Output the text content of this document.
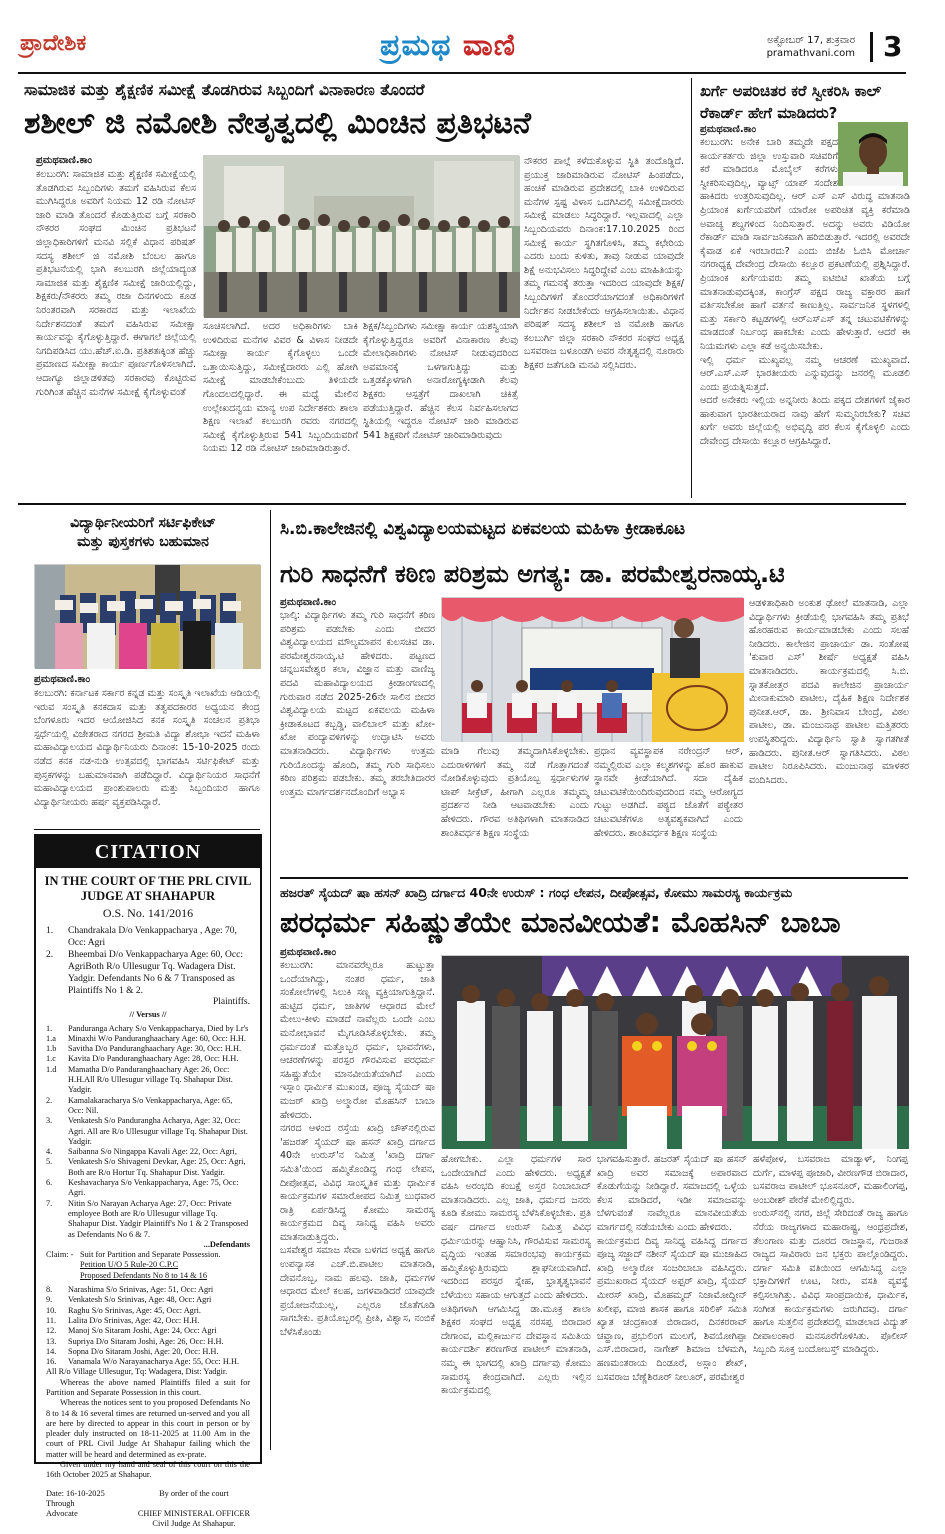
ಪ್ರಾದೇಶಿಕ	ಪ್ರಮಥ ವಾಣಿ	ಅಕ್ಟೋಬರ್ 17, ಶುಕ್ರವಾರ
pramathvani.com	3
ಸಾಮಾಜಿಕ ಮತ್ತು ಶೈಕ್ಷಣಿಕ ಸಮೀಕ್ಷೆ ತೊಡಗಿರುವ ಸಿಬ್ಬಂದಿಗೆ ವಿನಾಕಾರಣ ತೊಂದರೆ
ಶಶೀಲ್ ಜಿ ನಮೋಶಿ ನೇತೃತ್ವದಲ್ಲಿ ಮಿಂಚಿನ ಪ್ರತಿಭಟನೆ
ಪ್ರಮಥವಾಣಿ.ಕಾಂ
ಕಲಬುರಗಿ: ಸಾಮಾಜಿಕ ಮತ್ತು ಶೈಕ್ಷಣಿಕ ಸಮೀಕ್ಷೆಯಲ್ಲಿ ತೊಡಗಿರುವ ಸಿಬ್ಬಂದಿಗಳು ತಮಗೆ ವಹಿಸಿರುವ ಕೆಲಸ ಮುಗಿಸಿದ್ದರೂ ಅವರಿಗೆ ನಿಯಮ 12 ರಡಿ ನೋಟಿಸ್ ಜಾರಿ ಮಾಡಿ ತೊಂದರೆ ಕೊಡುತ್ತಿರುವ ಬಗ್ಗೆ ಸರಕಾರಿ ನೌಕರರ ಸಂಘದ ಮಿಂಚಿನ ಪ್ರತಿಭಟನೆ ಜಿಲ್ಲಾಧಿಕಾರಿಗಳಿಗೆ ಮನವಿ ಸಲ್ಲಿಕೆ ವಿಧಾನ ಪರಿಷತ್ ಸದಸ್ಯ ಶಶೀಲ್ ಜಿ ನಮೋಶಿ ಬೆಂಬಲ ಹಾಗೂ ಪ್ರತಿಭಟನೆಯಲ್ಲಿ ಭಾಗಿ ಕಲಬುರಗಿ ಜಿಲ್ಲೆಯಾದ್ಯಂತ ಸಾಮಾಜಿಕ ಮತ್ತು ಶೈಕ್ಷಣಿಕ ಸಮೀಕ್ಷೆ ಜಾರಿಯಲ್ಲಿದ್ದು, ಶಿಕ್ಷಕರು/ನೌಕರರು ತಮ್ಮ ರಜಾ ದಿನಗಳಂದು ಕೂಡ ನಿರಂತರವಾಗಿ ಸರಕಾರದ ಮತ್ತು ಇಲಾಖೆಯ ನಿರ್ದೇಶನದಂತೆ ತಮಗೆ ವಹಿಸಿರುವ ಸಮೀಕ್ಷಾ ಕಾರ್ಯವನ್ನು ಕೈಗೊಳ್ಳುತ್ತಿದ್ದಾರೆ. ಈಗಾಗಲೆ ಜಿಲ್ಲೆಯಲ್ಲಿ ನಿಗದಿಪಡಿಸಿದ ಯು.ಹೆಚ್.ಐ.ಡಿ. ಪ್ರತಿಶತಃಕ್ಕಿಂತ ಹೆಚ್ಚು ಪ್ರಮಾಣದ ಸಮೀಕ್ಷಾ ಕಾರ್ಯ ಪೂರ್ಣಗೊಳಿಸಲಾಗಿದೆ. ಆದಾಗ್ಯೂ ಜಿಲ್ಲಾಡಳಿತವು ಸರಕಾರವು ಕೊಟ್ಟಿರುವ ಗುರಿಗಿಂತ ಹೆಚ್ಚಿನ ಮನೆಗಳ ಸಮೀಕ್ಷೆ ಕೈಗೊಳ್ಳುವಂತೆ
ಸೂಚಿಸಲಾಗಿದೆ. ಅದರ ಅಧಿಕಾರಿಗಳು ಬಾಕಿ ಉಳಿದಿರುವ ಮನೆಗಳ ವಿವರ & ವಿಳಾಸ ನೀಡದೇ ಸಮೀಕ್ಷಾ ಕಾರ್ಯ ಕೈಗೊಳ್ಳಲು ಒಂದೇ ಒತ್ತಾಯಿಸುತ್ತಿದ್ದು, ಸಮೀಕ್ಷೆದಾರರು ಎಲ್ಲಿ ಹೋಗಿ ಸಮೀಕ್ಷೆ ಮಾಡಬೇಕೆಂಬುದು ತಿಳಿಯದೇ ಗೊಂದಲದಲ್ಲಿದ್ದಾರೆ. ಈ ಮಧ್ಯೆ ಮೇಲಿನ ಉಲ್ಲೇಖದನ್ವಯ ಮಾನ್ಯ ಉಪ ನಿರ್ದೇಶಕರು ಶಾಲಾ ಶಿಕ್ಷಣ ಇಲಾಖೆ ಕಲಬುರಗಿ ರವರು ನಗರದಲ್ಲಿ ಸಮೀಕ್ಷೆ ಕೈಗೊಳ್ಳುತ್ತಿರುವ 541 ಸಿಬ್ಬಂದಿಯವರಿಗೆ ನಿಯಮ 12 ರಡಿ ನೋಟಿಸ್ ಜಾರಿಮಾಡಿರುತ್ತಾರೆ.
ಶಿಕ್ಷಕ/ಸಿಬ್ಬಂದಿಗಳು ಸಮೀಕ್ಷಾ ಕಾರ್ಯ ಯಶಸ್ವಿಯಾಗಿ ಕೈಗೊಳ್ಳುತ್ತಿದ್ದರೂ ಅವರಿಗೆ ವಿನಾಕಾರಣ ಕೆಲವು ಮೇಲಾಧಿಕಾರಿಗಳು ನೋಟಿಸ್ ನೀಡುವುದರಿಂದ ಅವಮಾನಕ್ಕೆ ಒಳಗಾಗುತ್ತಿದ್ದು ಮತ್ತು ಒತ್ತಡಕ್ಕೊಳಗಾಗಿ ಅನಾರೋಗ್ಯಕ್ಕೀಡಾಗಿ ಕೆಲವು ಶಿಕ್ಷಕರು ಆಸ್ಪತ್ರೆಗೆ ದಾಖಲಾಗಿ ಚಿಕಿತ್ಸೆ ಪಡೆಯುತ್ತಿದ್ದಾರೆ. ಹೆಚ್ಚಿನ ಕೆಲಸ ನಿರ್ವಹಿಸಲಾಗದ ಸ್ಥಿತಿಯಲ್ಲಿ ಇದ್ದರೂ ನೋಟಿಸ್ ಜಾರಿ ಮಾಡಿರುವ 541 ಶಿಕ್ಷಕರಿಗೆ ನೋಟಿಸ್ ಜಾರಿಮಾಡಿರುವುದು
ನೌಕರರ ಪಾಲ್ಗೆ ಕಳೆದುಕೊಳ್ಳುವ ಸ್ಥಿತಿ ತಂದೊಡ್ಡಿದೆ. ಪ್ರಯುಕ್ತ ಜಾರಿಮಾಡಿರುವ ನೋಟಿಸ್ ಹಿಂಪಡೆದು, ಹಂಚಿಕೆ ಮಾಡಿರುವ ಪ್ರದೇಶದಲ್ಲಿ ಬಾಕಿ ಉಳಿದಿರುವ ಮನೆಗಳ ಸ್ಪಷ್ಟ ವಿಳಾಸ ಒದಗಿಸಿದಲ್ಲಿ ಸಮೀಕ್ಷೆದಾರರು ಸಮೀಕ್ಷೆ ಮಾಡಲು ಸಿದ್ಧರಿದ್ದಾರೆ. ಇಲ್ಲವಾದಲ್ಲಿ ಎಲ್ಲಾ ಸಿಬ್ಬಂದಿಯವರು ದಿನಾಂಕ:17.10.2025 ರಿಂದ ಸಮೀಕ್ಷೆ ಕಾರ್ಯ ಸ್ಥಗಿತಗೊಳಿಸಿ, ತಮ್ಮ ಕಛೇರಿಯ ಎದರು ಬಂದು ಕುಳಿತು, ತಾವು ನೀಡುವ ಯಾವುದೇ ಶಿಕ್ಷೆ ಅನುಭವಿಸಲು ಸಿದ್ಧರಿದ್ದೇವೆ ಎಂಬ ಮಾಹಿತಿಯನ್ನು ತಮ್ಮ ಗಮನಕ್ಕೆ ತರುತ್ತಾ ಇದರಿಂದ ಯಾವುದೇ ಶಿಕ್ಷಕ/ಸಿಬ್ಬಂದಿಗಳಿಗೆ ತೊಂದರೆಯಾಗದಂತೆ ಅಧಿಕಾರಿಗಳಿಗೆ ನಿರ್ದೇಶನ ನೀಡಬೇಕೆಂದು ಆಗ್ರಹಿಸಲಾಯಿತು. ವಿಧಾನ ಪರಿಷತ್ ಸದಸ್ಯ ಶಶೀಲ್ ಜಿ ನಮೋಶಿ ಹಾಗೂ ಕಲಬುರ್ಗಿ ಜಿಲ್ಲಾ ಸರಕಾರಿ ನೌಕರರ ಸಂಘದ ಅಧ್ಯಕ್ಷ ಬಸವರಾಜ ಬಳೂಂಡಗಿ ಅವರ ನೇತೃತ್ವದಲ್ಲಿ ನೂರಾರು ಶಿಕ್ಷಕರ ಜತೆಗೂಡಿ ಮನವಿ ಸಲ್ಲಿಸಿದರು.
ಖರ್ಗೆ ಅಪರಿಚಿತರ ಕರೆ ಸ್ವೀಕರಿಸಿ ಕಾಲ್ ರೆಕಾರ್ಡ್ ಹೇಗೆ ಮಾಡಿದರು?
ಪ್ರಮಥವಾಣಿ.ಕಾಂ
ಕಲಬುರಗಿ: ಅನೇಕ ಬಾರಿ ತಮ್ಮದೇ ಪಕ್ಷದ ಕಾರ್ಯಕರ್ತರು ಜಿಲ್ಲಾ ಉಸ್ತುವಾರಿ ಸಚಿವರಿಗೆ ಕರೆ ಮಾಡಿದರೂ ಮೊಬೈಲ್ ಕರೆಗಳು ಸ್ವೀಕರಿಸುವುದಿಲ್ಲ, ವ್ಯಾಟ್ಸ್ ಯಾಪ್ ಸಂದೇಶ ಹಾಕಿದರು ಉತ್ತರಿಸುವುದಿಲ್ಲ. ಆರ್ ಎಸ್ ಎಸ್ ವಿರುದ್ಧ ಮಾತನಾಡಿ ಪ್ರಿಯಾಂಕ ಖರ್ಗೆಯವರಿಗೆ ಯಾರೋ ಅಪರಿಚಿತ ವ್ಯಕ್ತಿ ಕರೆಮಾಡಿ ಅವಾಚ್ಯ ಶಬ್ದಗಳಿಂದ ನಿಂದಿಸುತ್ತಾರೆ. ಅದನ್ನು ಅವರು ವಿಡಿಯೋ ರೆಕಾರ್ಡ್ ಮಾಡಿ ಸಾರ್ವಜನಿಕವಾಗಿ ಹರಿಬಿಡುತ್ತಾರೆ. ಇದರಲ್ಲಿ ಅವರದೇ ಕೈವಾಡ ಏಕೆ ಇರಬಾರದು? ಎಂದು ಬಿಜೆಪಿ ಓಬಿಸಿ ಮೋರ್ಚಾ ನಗರಾಧ್ಯಕ್ಷ ದೇವೇಂದ್ರ ದೇಸಾಯಿ ಕಲ್ಲೂರ ಪ್ರಕಟಣೆಯಲ್ಲಿ ಪ್ರಶ್ನಿಸಿದ್ದಾರೆ. ಪ್ರಿಯಾಂಕ ಖರ್ಗೆಯವರು ತಮ್ಮ ಐಟಿಬಿಟಿ ಖಾತೆಯ ಬಗ್ಗೆ ಮಾತನಾಡುವುದಕ್ಕಿಂತ, ಕಾಂಗ್ರೆಸ್ ಪಕ್ಷದ ರಾಜ್ಯ ವಕ್ತಾರರ ಹಾಗೆ ವರ್ತಿಸಬೇಕೋ ಹಾಗೆ ವರ್ತನೆ ಕಾಣುತ್ತಿಲ್ಲ. ಸಾರ್ವಜನಿಕ ಸ್ಥಳಗಳಲ್ಲಿ ಮತ್ತು ಸರ್ಕಾರಿ ಕಟ್ಟಡಗಳಲ್ಲಿ ಆರ್‌ಎಸ್‌ಎಸ್ ತನ್ನ ಚಟುವಟಿಕೆಗಳನ್ನು ಮಾಡದಂತೆ ನಿರ್ಬಂಧ ಹಾಕಬೇಕು ಎಂದು ಹೇಳುತ್ತಾರೆ. ಆದರೆ ಈ ನಿಯಮಗಳು ಎಲ್ಲಾ ಕಡೆ ಅನ್ವಯಿಸಬೇಕು.
ಇಲ್ಲಿ ಧರ್ಮ ಮುಖ್ಯವಲ್ಲ ನಮ್ಮ ಆಚರಣೆ ಮುಖ್ಯವಾದೆ. ಆರ್.ಎಸ್.ಎಸ್ ಭಾರತೀಯರು ಎನ್ನುವುದನ್ನು ಜನರಲ್ಲಿ ಮೂಡಲಿ ಎಂದು ಪ್ರಯತ್ನಿಸುತ್ತದೆ.
ಆದರೆ ಅನೇಕರು ಇಲ್ಲಿಯ ಅನ್ನನೀರು ತಿಂದು ಪಕ್ಕದ ದೇಶಗಳಿಗೆ ಜೈಕಾರ ಹಾಕುವಾಗ ಭಾರತೀಯರಾದ ನಾವು ಹೇಗೆ ಸುಮ್ಮನಿರಬೇಕು? ಸಚಿವ ಖರ್ಗೆ ಅವರು ಜಿಲ್ಲೆಯಲ್ಲಿ ಅಭಿವೃದ್ಧಿ ಪರ ಕೆಲಸ ಕೈಗೊಳ್ಳಲಿ ಎಂದು ದೇವೇಂದ್ರ ದೇಸಾಯಿ ಕಲ್ಲೂರ ಆಗ್ರಹಿಸಿದ್ದಾರೆ.
ವಿದ್ಯಾರ್ಥಿನೀಯರಿಗೆ ಸರ್ಟಿಫಿಕೇಟ್
ಮತ್ತು ಪುಸ್ತಕಗಳು ಬಹುಮಾನ
ಪ್ರಮಥವಾಣಿ.ಕಾಂ
ಕಲಬುರಗಿ: ಕರ್ನಾಟಕ ಸರ್ಕಾರ ಕನ್ನಡ ಮತ್ತು ಸಂಸ್ಕೃತಿ ಇಲಾಖೆಯ ಆಡಿಯಲ್ಲಿ ಇರುವ ಸಂಸ್ಕೃತಿ ಕನಕದಾಸ ಮತ್ತು ತತ್ವಪದಕಾರರ ಅಧ್ಯಯನ ಕೇಂದ್ರ ಬೆಂಗಳೂರು ಇದರ ಆಯೋಜಿಸಿದ ಕನಕ ಸಂಸ್ಕೃತಿ ಸಂಚಲನ ಪ್ರತಿಭಾ ಸ್ಪರ್ಧೆಯಲ್ಲಿ ವಿಜೇತರಾದ ನಗರದ ಶ್ರೀಮತಿ ವಿದ್ಯಾ ಶೋಭಾ ಇದನೆ ಮಹಿಳಾ ಮಹಾವಿದ್ಯಾಲಯದ ವಿದ್ಯಾರ್ಥಿನಿಯರು ದಿನಾಂಕ: 15-10-2025 ರಂದು ನಡೆದ ಕನಕ ನಡ-ನುಡಿ ಉತ್ಸವದಲ್ಲಿ ಭಾಗವಹಿಸಿ ಸರ್ಟಿಫಿಕೇಟ್ ಮತ್ತು ಪುಸ್ತಕಗಳನ್ನು ಬಹುಮಾನವಾಗಿ ಪಡೆದಿದ್ದಾರೆ. ವಿದ್ಯಾರ್ಥಿನಿಯರ ಸಾಧನೆಗೆ ಮಹಾವಿದ್ಯಾಲಯದ ಪ್ರಾಂಶುಪಾಲರು ಮತ್ತು ಸಿಬ್ಬಂದಿಯರ ಹಾಗೂ ವಿದ್ಯಾರ್ಥಿನೀಯರು ಹರ್ಷ ವ್ಯಕ್ತಪಡಿಸಿದ್ದಾರೆ.
CITATION
IN THE COURT OF THE PRL CIVIL JUDGE AT SHAHAPUR
O.S. No. 141/2016
1.	Chandrakala D/o Venkappacharya , Age: 70, Occ: Agri
2.	Bheembai D/o Venkappacharya Age: 60, Occ: AgriBoth R/o Ullesugur Tq. Wadagera Dist. Yadgir. Defendants No 6 & 7 Transposed as Plaintiffs No 1 & 2.
Plaintiffs.
// Versus //
1.	Panduranga Achary S/o Venkappacharya, Died by Lr's
1.a	Minaxhi W/o Panduranghaachary Age: 60, Occ: H.H.
1.b	Savitha D/o Panduranghaachary Age: 30, Occ: H.H.
1.c	Kavita D/o Panduranghaachary Age: 28, Occ: H.H.
1.d	Mamatha D/o Panduranghaachary Age: 26, Occ: H.H.All R/o Ullesugur village Tq. Shahapur Dist. Yadgir.
2.	Kamalakaracharya S/o Venkappacharya, Age: 65, Occ: Nil.
3.	Venkatesh S/o Pandurangha Acharya, Age: 32, Occ: Agri. All are R/o Ullesugur village Tq. Shahapur Dist. Yadgir.
4.	Saibanna S/o Ningappa Kavali Age: 22, Occ: Agri,
5.	Venkatesh S/o Shivageni Devkar, Age: 25, Occ: Agri, Both are R/o Hortur Tq. Shahapur Dist. Yadgir.
6.	Keshavacharya S/o Venkappacharya, Age: 75, Occ: Agri.
7.	Nitin S/o Narayan Acharya Age: 27, Occ: Private employee Both are R/o Ullesugur village Tq. Shahapur Dist. Yadgir Plaintiff's No 1 & 2 Transposed as Defendants No 6 & 7.
...Defendants
Claim: - Suit for Partition and Separate Possession.
Petition U/O 5 Rule-20 C.P.C
Proposed Defendants No 8 to 14 & 16
8.	Narashima S/o Srinivas, Age: 51, Occ: Agri
9.	Venkatesh S/o Srinivas, Age: 48, Occ: Agri
10.	Raghu S/o Srinivas, Age: 45, Occ: Agri.
11.	Lalita D/o Srinivas, Age: 42, Occ: H.H.
12.	Manoj S/o Sitaram Joshi, Age: 24, Occ: Agri
13.	Supriya D/o Sitaram Joshi, Age: 26, Occ: H.H.
14.	Sopna D/o Sitaram Joshi, Age: 20, Occ: H.H.
16.	Vanamala W/o Narayanacharya Age: 55, Occ: H.H.
All R/o Village Ullesugur, Tq: Wadagera, Dist: Yadgir.

Whereas the above named Plaintiffs filed a suit for Partition and Separate Possession in this court.

Whereas the notices sent to you proposed Defendants No 8 to 14 & 16 several times are returned un-served and you all are here by directed to appear in this court in person or by pleader duly instructed on 18-11-2025 at 11.00 Am in the court of PRL Civil Judge At Shahapur failing which the matter will be heard and determined as ex-prate.

Given under my hand and seal of this court on this the 16th October 2025 at Shahapur.

Date: 16-10-2025
Through
Advocate
By order of the court
CHIEF MINISTERAL OFFICER
Civil Judge At Shahapur.
ಸಿ.ಬಿ.ಕಾಲೇಜಿನಲ್ಲಿ ವಿಶ್ವವಿದ್ಯಾಲಯಮಟ್ಟದ ಏಕವಲಯ ಮಹಿಳಾ ಕ್ರೀಡಾಕೂಟ
ಗುರಿ ಸಾಧನೆಗೆ ಕಠಿಣ ಪರಿಶ್ರಮ ಅಗತ್ಯ: ಡಾ. ಪರಮೇಶ್ವರನಾಯ್ಕ.ಟಿ
ಪ್ರಮಥವಾಣಿ.ಕಾಂ
ಭಾಲ್ಕಿ: ವಿದ್ಯಾರ್ಥಿಗಳು ತಮ್ಮ ಗುರಿ ಸಾಧನೆಗೆ ಕಠಿಣ ಪರಿಶ್ರಮ ಪಡಬೇಕು ಎಂದು ಬೀದರ ವಿಶ್ವವಿದ್ಯಾಲಯದ ಮೌಲ್ಯಮಾಪನ ಕುಲಸಚಿವ ಡಾ. ಪರಮೇಶ್ವರನಾಯ್ಕ.ಟಿ ಹೇಳಿದರು. ಪಟ್ಟಣದ ಚನ್ನಬಸವೇಶ್ವರ ಕಲಾ, ವಿಜ್ಞಾನ ಮತ್ತು ವಾಣಿಜ್ಯ ಪದವಿ ಮಹಾವಿದ್ಯಾಲಯದ ಕ್ರೀಡಾಂಗಣದಲ್ಲಿ ಗುರುವಾರ ನಡೆದ 2025-26ನೇ ಸಾಲಿನ ಬೀದರ ವಿಶ್ವವಿದ್ಯಾಲಯ ಮಟ್ಟದ ಏಕವಲಯ ಮಹಿಳಾ ಕ್ರೀಡಾಕೂಟದ ಕಬ್ಬಡ್ಡಿ, ವಾಲಿಬಾಲ್ ಮತ್ತು ಖೋ-ಖೋ ಪಂದ್ಯಾವಳಿಗಳನ್ನು ಉದ್ಘಾಟಿಸಿ ಅವರು ಮಾತನಾಡಿದರು. ವಿದ್ಯಾರ್ಥಿಗಳು ಉತ್ತಮ ಗುರಿಯೊಂದನ್ನು ಹೊಂದಿ, ತಮ್ಮ ಗುರಿ ಸಾಧಿಸಲು ಕಠಿಣ ಪರಿಶ್ರಮ ಪಡಬೇಕು. ತಮ್ಮ ತರಬೇತಿದಾರರ ಉತ್ತಮ ಮಾರ್ಗದರ್ಶನದೊಂದಿಗೆ ಅಭ್ಯಾಸ
ಮಾಡಿ ಗೆಲುವು ತಮ್ಮದಾಗಿಸಿಕೊಳ್ಳಬೇಕು. ಎದುರಾಳಿಗಳಿಗೆ ತಮ್ಮ ನಡೆ ಗೊತ್ತಾಗದಂತೆ ನೋಡಿಕೊಳ್ಳುವುದು ಪ್ರತಿಯೊಬ್ಬ ಸ್ಪರ್ಧಾಳುಗಳ ಟಾಪ್ ಸೀಕ್ರೆಟ್, ಹೀಗಾಗಿ ಎಲ್ಲರೂ ತಮ್ಮಮ್ಮ ಪ್ರದರ್ಶನ ನೀಡಿ ಆಟವಾಡಬೇಕು ಎಂದು ಹೇಳಿದರು. ಗೌರವ ಅತಿಥಿಗಳಾಗಿ ಮಾತನಾಡಿದ ಶಾಂತಿವರ್ಧಕ ಶಿಕ್ಷಣ ಸಂಸ್ಥೆಯ
ಪ್ರಧಾನ ವ್ಯವಸ್ಥಾಪಕ ನರೇಂದ್ರನ್ ಆರ್, ನಮ್ಮಲ್ಲಿರುವ ಎಲ್ಲಾ ಕಲ್ಮಶಗಳನ್ನು ಹೊರ ಹಾಕುವ ಸ್ಥಾನವೇ ಕ್ರೀಡೆಯಾಗಿದೆ. ಸದಾ ದೈಹಿಕ ಚಟುವಟಿಕೆಯಿಂದಿರುವುದರಿಂದ ನಮ್ಮ ಆರೋಗ್ಯದ ಗುಟ್ಟು ಅಡಗಿದೆ. ಪಠ್ಯದ ಜೊತೆಗೆ ಪಠ್ಯೇತರ ಚಟುವಟಿಕೆಗಳೂ ಅತ್ಯವಶ್ಯಕವಾಗಿದೆ ಎಂದು ಹೇಳಿದರು. ಶಾಂತಿವರ್ಧಕ ಶಿಕ್ಷಣ ಸಂಸ್ಥೆಯ
ಆಡಳಿತಾಧಿಕಾರಿ ಅಂಕುಶ ಢೋಲೆ ಮಾತನಾಡಿ, ಎಲ್ಲಾ ವಿದ್ಯಾರ್ಥಿಗಳು ಕ್ರೀಡೆಯಲ್ಲಿ ಭಾಗವಹಿಸಿ ತಮ್ಮ ಪ್ರತಿಭೆ ಹೊರಹರುವ ಕಾರ್ಯಮಾಡಬೇಕು ಎಂದು ಸಲಹೆ ನೀಡಿದರು. ಕಾಲೇಜಿನ ಪ್ರಾಚಾರ್ಯ ಡಾ. ಸಂತೋಷ 'ಕುವಾರ ಎಸ್' ಶೀರ್ಷೆ ಅಧ್ಯಕ್ಷತೆ ವಹಿಸಿ ಮಾತನಾಡಿದರು. ಕಾರ್ಯಕ್ರಮದಲ್ಲಿ ಸಿ.ಬಿ. ಸ್ನಾತಕೋತ್ತರ ಪದವಿ ಕಾಲೇಜಿನ ಪ್ರಾಚಾರ್ಯ ಮೀನಾಕುಮಾರಿ ಪಾಟೀಲ, ದೈಹಿಕ ಶಿಕ್ಷಣ ನಿರ್ದೇಶಕ ಪುನೀತ.ಆರ್, ಡಾ. ಶ್ರೀನಿವಾಸ ಬೇಂದ್ರೆ, ವಿಠಲ ಪಾಟೀಲ, ಡಾ. ಮಂಜುನಾಥ ಪಾಟೀಲ ಮತ್ತಿತರರು ಉಪಸ್ಥಿತರಿದ್ದರು. ವಿದ್ಯಾರ್ಥಿನಿ ಸ್ವಾತಿ ಸ್ವಾಗತಗೀತೆ ಹಾಡಿದರು. ಪುನೀತ.ಆರ್ ಸ್ವಾಗತಿಸಿದರು. ವಿಠಲ ಪಾಟೀಲ ನಿರೂಪಿಸಿದರು. ಮಂಜುನಾಥ ಮಾಳಕರ ವಂದಿಸಿದರು.
ಹಜರತ್ ಸೈಯದ್ ಷಾ ಹಸನ್ ಖಾದ್ರಿ ದರ್ಗಾದ 40ನೇ ಉರುಸ್ : ಗಂಧ ಲೇಪನ, ದೀಪೋತ್ಸವ, ಕೋಮು ಸಾಮರಸ್ಯ ಕಾರ್ಯಕ್ರಮ
ಪರಧರ್ಮ ಸಹಿಷ್ಣುತೆಯೇ ಮಾನವೀಯತೆ: ಮೊಹಸಿನ್ ಬಾಬಾ
ಪ್ರಮಥವಾಣಿ.ಕಾಂ
ಕಲಬುರಗಿ: ಮಾನವರೆಲ್ಲರೂ ಹುಟ್ಟುತ್ತಾ ಒಂದೆಯಾಗಿದ್ದು, ನಂತರ ಧರ್ಮ, ಜಾತಿ ಸಂಕೋಲೆಗಳಲ್ಲಿ ಸಿಲುಕಿ ಸಣ್ಣ ವ್ಯಕ್ತಿಯಾಗುತ್ತಿದ್ದಾನೆ. ಹುಟ್ಟಿದ ಧರ್ಮ, ಜಾತಿಗಳ ಆಧಾರದ ಮೇಲೆ ಮೇಲು-ಕೀಳು ಮಾಡದೆ ನಾವೆಲ್ಲರು ಒಂದೇ ಎಂಬ ಮನೋಭಾವನೆ ಮೈಗೂಡಿಸಿಕೊಳ್ಳಬೇಕು. ತಮ್ಮ ಧರ್ಮದಂತೆ ಮತ್ತೊಬ್ಬರ ಧರ್ಮ, ಭಾವನೆಗಳು, ಆಚರಣೆಗಳನ್ನು ಪರಸ್ಪರ ಗೌರವಿಸುವ ಪರಧರ್ಮ ಸಹಿಷ್ಣುತೆಯೇ ಮಾನವೀಯತೆಯಾಗಿದೆ ಎಂದು ಇಸ್ಲಾಂ ಧಾರ್ಮಿಕ ಮುಖಂಡ, ಪೂಜ್ಯ ಸೈಯದ್ ಷಾ ಮಜರ್ ಖಾದ್ರಿ ಅಲ್ಮಾರೋ ಮೊಹಸಿನ್ ಬಾಬಾ ಹೇಳಿದರು.
ನಗರದ ಆಳಂದ ರಸ್ತೆಯ ಖಾದ್ರಿ ಚೌಕ್‌ನಲ್ಲಿರುವ 'ಹಜರತ್ ಸೈಯದ್ ಷಾ ಹಸನ್ ಖಾದ್ರಿ ದರ್ಗಾದ 40ನೇ ಉರುಸ್'ನ ನಿಮಿತ್ತ 'ಖಾದ್ರಿ ದರ್ಗಾ ಸಮಿತಿ'ಯಿಂದ ಹಮ್ಮಿಕೊಂಡಿದ್ದ ಗಂಧ ಲೇಪನ, ದೀಪೋತ್ಸವ, ವಿವಿಧ ಸಾಂಸ್ಕೃತಿಕ ಮತ್ತು ಧಾರ್ಮಿಕ ಕಾರ್ಯಕ್ರಮಗಳ ಸಮಾರೋಪದ ನಿಮಿತ್ತ ಬುಧವಾರ ರಾತ್ರಿ ಏರ್ಪಡಿಸಿದ್ದ ಕೋಮು ಸಾಮರಸ್ಯ ಕಾರ್ಯಕ್ರಮದ ದಿವ್ಯ ಸಾನಿಧ್ಯ ವಹಿಸಿ ಅವರು ಮಾತನಾಡುತ್ತಿದ್ದರು.
ಬಸವೇಶ್ವರ ಸಮಾಜ ಸೇವಾ ಬಳಗದ ಅಧ್ಯಕ್ಷ ಹಾಗೂ ಉಪನ್ಯಾಸಕ ಎಚ್.ಬಿ.ಪಾಟೀಲ ಮಾತನಾಡಿ, ದೇವನೊಬ್ಬ, ನಾಮ ಹಲವು. ಜಾತಿ, ಧರ್ಮಗಳ ಆಧಾರದ ಮೇಲೆ ಕಲಹ, ಜಗಳವಾಡಿದರೆ ಯಾವುದೇ ಪ್ರಯೋಜನೆಯುಲ್ಲ, ಎಲ್ಲರೂ ಜೊತೆಗೂಡಿ ಸಾಗಬೇಕು. ಪ್ರತಿಯೊಬ್ಬರಲ್ಲಿ ಪ್ರೀತಿ, ವಿಶ್ವಾಸ, ನಂಬಿಕೆ ಬೆಳೆಸಿಕೊಂಡು
ಹೋಗಬೇಕು. ಎಲ್ಲಾ ಧರ್ಮಗಳ ಸಾರ ಒಂದೇಯಾಗಿದೆ ಎಂದು ಹೇಳಿದರು. ಅಧ್ಯಕ್ಷತೆ ವಹಿಸಿ ಅರಂಭದಿ ಕಂಬಕ್ಷೆ ಅಸ್ತರ ನಿಂಬಾಬಾದ್‌ ಮಾತನಾಡಿದರು. ಎಲ್ಲ ಜಾತಿ, ಧರ್ಮದ ಜನರು ಕೂಡಿ ಕೋಮು ಸಾಮರಸ್ಯ ಬೆಳೆಸಿಕೊಳ್ಳಬೇಕು. ಪ್ರತಿ ವರ್ಷ ದರ್ಗಾದ ಉರುಸ್ ನಿಮಿತ್ತ ವಿವಿಧ ಧರ್ಮಿಯರನ್ನು ಆಹ್ವಾನಿಸಿ, ಗೌರವಿಸುವ ಸಾಮರಸ್ಯ ವೃದ್ಧಿಯ ಇಂತಹ ಸಮಾರಂಭವು ಕಾರ್ಯಕ್ರಮ ಹಮ್ಮಿಕೊಳ್ಳುತ್ತಿರುವುದು ಶ್ಲಾಘನೀಯವಾಗಿದೆ. ಇದರಿಂದ ಪರಸ್ಪರ ಸ್ನೇಹ, ಭ್ರಾತೃತ್ವಭಾವನೆ ಬೆಳೆಯಲು ಸಹಾಯ ಆಗುತ್ತದೆ ಎಂದು ಹೇಳಿದರು.
ಅತಿಥಿಗಳಾಗಿ ಆಗಮಿಸಿದ್ದ ಡಾ.ಮೂಕ್ರ ಶಾಲಾ ಶಿಕ್ಷಕರ ಸಂಘದ ಅಧ್ಯಕ್ಷ ನರಸಪ್ಪ ಬಿರಾದಾರ ದೇಗಾಂವ, ಮಲ್ಲಿಕಾರ್ಜುನ ದೇವಸ್ಥಾನ ಸಮಿತಿಯ ಕಾರ್ಯದರ್ಶಿ ಶರಣಗೌಡ ಪಾಟೀಲ್ ಮಾತನಾಡಿ, ನಮ್ಮ ಈ ಭಾಗದಲ್ಲಿ ಖಾದ್ರಿ ದರ್ಗಾವು ಕೋಮು ಸಾಮರಸ್ಯ ಕೇಂದ್ರವಾಗಿದೆ. ಎಲ್ಲರು ಇಲ್ಲಿನ ಕಾರ್ಯಕ್ರಮದಲ್ಲಿ
ಭಾಗವಹಿಸುತ್ತಾರೆ. ಹಜರತ್ ಸೈಯದ್ ಷಾ ಹಸನ್ ಖಾದ್ರಿ ಅವರ ಸಮಾಜಕ್ಕೆ ಅಪಾರವಾದ ಕೊಡುಗೆಯನ್ನು ನೀಡಿದ್ದಾರೆ. ಸಮಾಜದಲ್ಲಿ ಒಳ್ಳೆಯ ಕೆಲಸ ಮಾಡಿದರೆ, ಇಡೀ ಸಮಾಜವನ್ನು ಬೆಳಗುವಂತೆ ನಾವೆಲ್ಲರೂ ಮಾನವೀಯತೆಯ ಮಾರ್ಗದಲ್ಲಿ ನಡೆಯಬೇಕು ಎಂದು ಹೇಳಿದರು.
ಕಾರ್ಯಕ್ರಮದ ದಿವ್ಯ ಸಾನಿಧ್ಯ ವಹಿಸಿದ್ದ ದರ್ಗಾದ ಪೂಜ್ಯ ಸಜ್ಜಾದ್ ನಶೀನ್ ಸೈಯದ್ ಷಾ ಮುಜಾಹಿದ ಖಾದ್ರಿ ಅಲ್ಮಾರೋ ಸಂಜರಿಬಾಬಾ ವಹಿಸಿದ್ದರು. ಪ್ರಮುಖರಾದ ಸೈಯದ್ ಅಫ್ಸರ್ ಖಾದ್ರಿ, ಸೈಯದ್ ಮೀರಸ್ ಖಾದ್ರಿ, ಮೊಹಮ್ಮದ್ ನಿಜಾಮೋದ್ದೀನ್ ಖಲೀಫ, ಮಾಜಿ ಶಾಸಕ ಹಾಗೂ ಸರಿಲಿಕ್ ಸಮಿತಿ ಖ್ಯಾತ ಚಂದ್ರಕಾಂತ ಬಿರಾದಾರ, ದಿನಕರರಾವ್ ಚವ್ಹಾಣ, ಪ್ರಭುಲಿಂಗ ಮುಲಗೆ, ಶಿವಯೋಗಿಪ್ಪಾ ಎಸ್.ಬಿರಾದಾರ, ನಾಗೇಶ್ ಶಿಮಾಜ ಬೆಳಮಗಿ, ಹಣಮಂತರಾಯ ದಿಂಡೂರೆ, ಅಸ್ಲಾಂ ಶೇಖ್, ಬಸವರಾಜ ಬೆಣ್ಣೆಶಿರೂರ್ ನೀಲೂರ್, ಪರಮೇಶ್ವರ
ಹಳೆಪೋಳ, ಬಸವರಾಜ ಮಾಡ್ಯಾಳ್, ನಿಂಗಪ್ಪ ದುರ್ಗೆ, ಮಾಳಪ್ಪ ಪೂಜಾರಿ, ವೀರಣಗೌಡ ಬಿರಾದಾರ, ಬಸವರಾಜ ಪಾಟೀಲ್ ಭೂಸನೂರ್, ಮಹಾಲಿಂಗಪ್ಪ, ಅಂಬರೀಶ್ ಪೇರೆಕೆ ಮೇಲಿಲ್ಲಿದ್ದರು.
ಉರುಸ್‌ನಲ್ಲಿ ನಗರ, ಜಿಲ್ಲೆ ಸೇರಿದಂತೆ ರಾಜ್ಯ ಹಾಗೂ ನೆರೆಯ ರಾಜ್ಯಗಳಾದ ಮಹಾರಾಷ್ಟ್ರ, ಆಂಧ್ರಪ್ರದೇಶ, ತೆಲಂಗಾಣ ಮತ್ತು ದೂರದ ರಾಜಸ್ಥಾನ, ಗುಜರಾತ ರಾಜ್ಯದ ಸಾವಿರಾರು ಜನ ಭಕ್ತರು ಪಾಲ್ಗೊಂಡಿದ್ದರು. ದರ್ಗಾ ಸಮಿತಿ ವತಿಯಿಂದ ಆಗಮಿಸಿದ್ದ ಎಲ್ಲಾ ಭಕ್ತಾದಿಗಳಿಗೆ ಊಟ, ನೀರು, ವಸತಿ ವ್ಯವಸ್ಥೆ ಕಲ್ಪಿಸಲಾಗಿತ್ತು. ವಿವಿಧ ಸಾಂಪ್ರದಾಯಿಕ, ಧಾರ್ಮಿಕ, ಸಂಗೀತ ಕಾರ್ಯಕ್ರಮಗಳು ಜರುಗಿದವು. ದರ್ಗಾ ಹಾಗೂ ಸುತ್ತಲಿನ ಪ್ರದೇಶದಲ್ಲಿ ಮಾಡಲಾದ ವಿದ್ಯುತ್ ದೀಪಾಲಂಕಾರ ಮನಸೂರೆಗೊಳಿಸಿತು. ಪೊಲೀಸ್ ಸಿಬ್ಬಂದಿ ಸೂಕ್ತ ಬಂದೋಬಸ್ತ್ ಮಾಡಿದ್ದರು.
